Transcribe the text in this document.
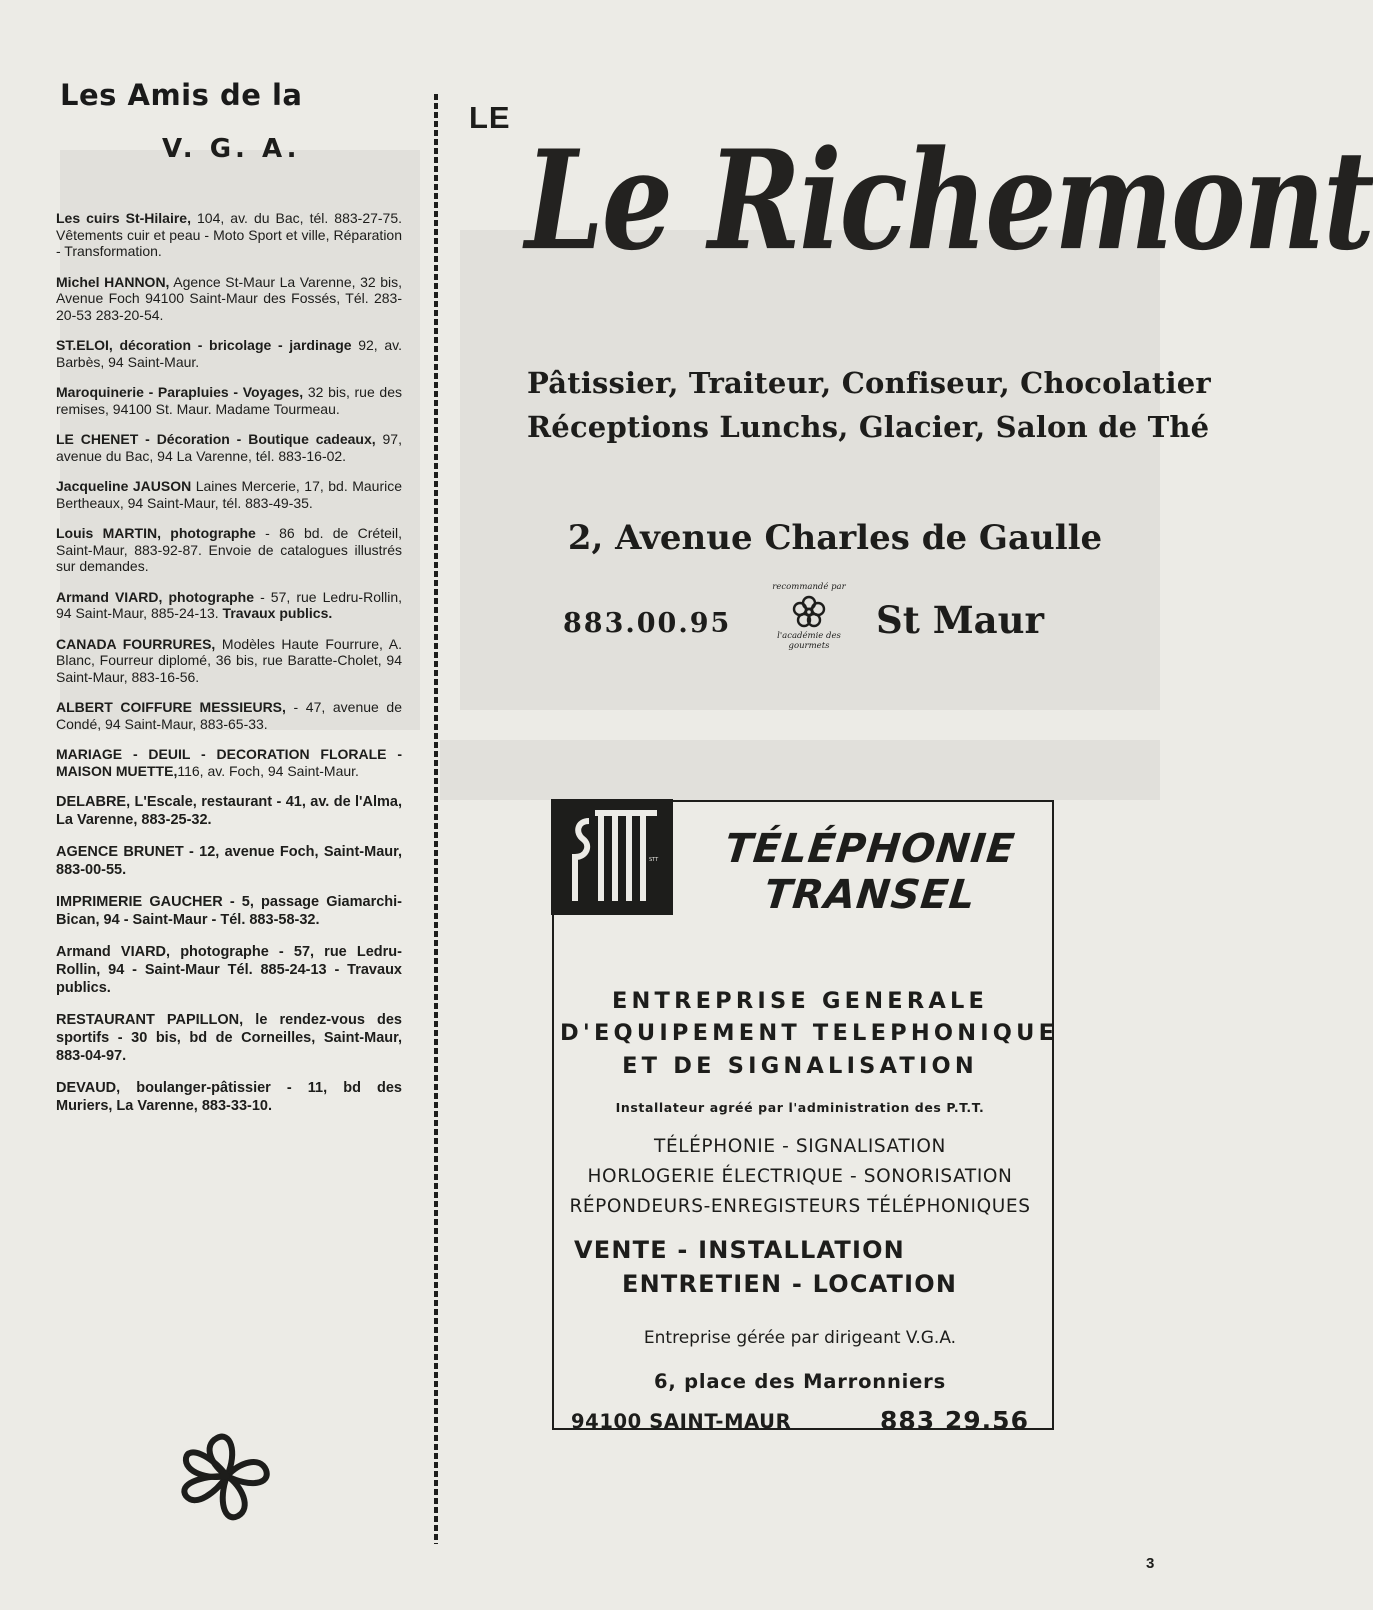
Les Amis de la
V. G. A.

Les cuirs St-Hilaire, 104, av. du Bac, tél. 883-27-75. Vêtements cuir et peau - Moto Sport et ville, Réparation - Transformation.

Michel HANNON, Agence St-Maur La Varenne, 32 bis, Avenue Foch 94100 Saint-Maur des Fossés, Tél. 283-20-53 283-20-54.

ST.ELOI, décoration - bricolage - jardinage 92, av. Barbès, 94 Saint-Maur.

Maroquinerie - Parapluies - Voyages, 32 bis, rue des remises, 94100 St. Maur. Madame Tourmeau.

LE CHENET - Décoration - Boutique cadeaux, 97, avenue du Bac, 94 La Varenne, tél. 883-16-02.

Jacqueline JAUSON Laines Mercerie, 17, bd. Maurice Bertheaux, 94 Saint-Maur, tél. 883-49-35.

Louis MARTIN, photographe - 86 bd. de Créteil, Saint-Maur, 883-92-87. Envoie de catalogues illustrés sur demandes.

Armand VIARD, photographe - 57, rue Ledru-Rollin, 94 Saint-Maur, 885-24-13. Travaux publics.

CANADA FOURRURES, Modèles Haute Fourrure, A. Blanc, Fourreur diplomé, 36 bis, rue Baratte-Cholet, 94 Saint-Maur, 883-16-56.

ALBERT COIFFURE MESSIEURS, - 47, avenue de Condé, 94 Saint-Maur, 883-65-33.

MARIAGE - DEUIL - DECORATION FLORALE - MAISON MUETTE,116, av. Foch, 94 Saint-Maur.

DELABRE, L'Escale, restaurant - 41, av. de l'Alma, La Varenne, 883-25-32.

AGENCE BRUNET - 12, avenue Foch, Saint-Maur, 883-00-55.

IMPRIMERIE GAUCHER - 5, passage Giamarchi-Bican, 94 - Saint-Maur - Tél. 883-58-32.

Armand VIARD, photographe - 57, rue Ledru-Rollin, 94 - Saint-Maur Tél. 885-24-13 - Travaux publics.

RESTAURANT PAPILLON, le rendez-vous des sportifs - 30 bis, bd de Corneilles, Saint-Maur, 883-04-97.

DEVAUD, boulanger-pâtissier - 11, bd des Muriers, La Varenne, 883-33-10.

LE
Le Richemont
Pâtissier, Traiteur, Confiseur, Chocolatier
Réceptions Lunchs, Glacier, Salon de Thé
2, Avenue Charles de Gaulle
883.00.95
recommandé par
l'académie des gourmets
St Maur
STT	TÉLÉPHONIE
TRANSEL
ENTREPRISE GENERALE
D'EQUIPEMENT TELEPHONIQUE
ET DE SIGNALISATION
Installateur agréé par l'administration des P.T.T.
TÉLÉPHONIE - SIGNALISATION
HORLOGERIE ÉLECTRIQUE - SONORISATION
RÉPONDEURS-ENREGISTEURS TÉLÉPHONIQUES
VENTE - INSTALLATION
ENTRETIEN - LOCATION
Entreprise gérée par dirigeant V.G.A.
6, place des Marronniers
94100 SAINT-MAUR	883 29.56
3
